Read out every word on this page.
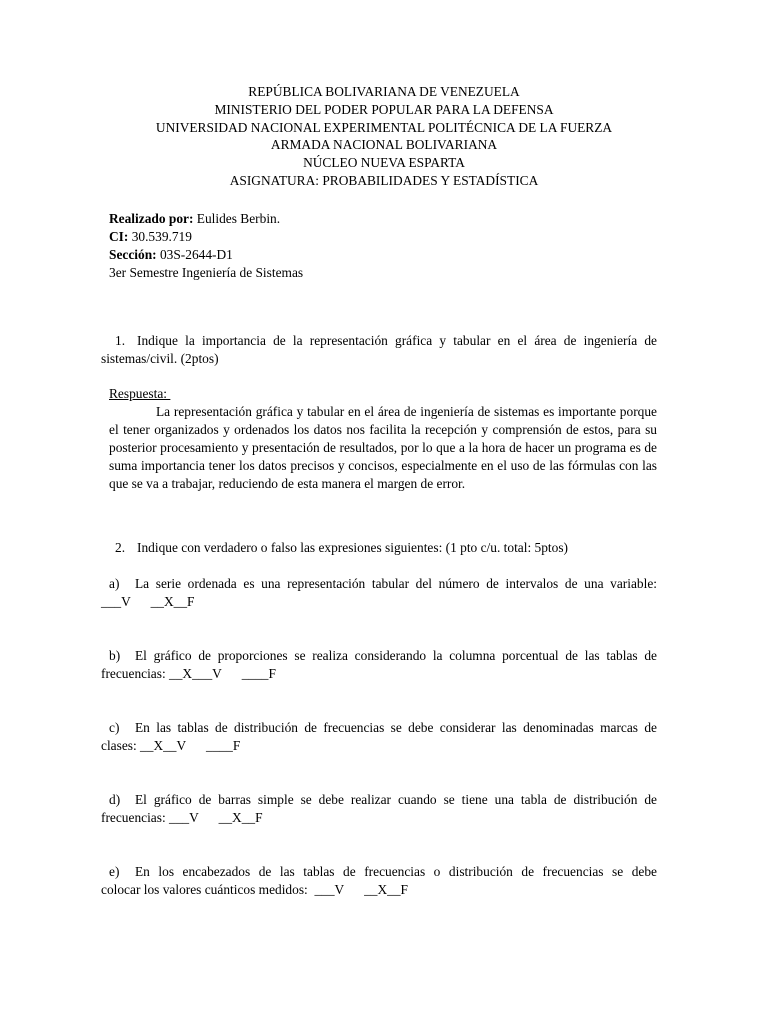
REPÚBLICA BOLIVARIANA DE VENEZUELA
MINISTERIO DEL PODER POPULAR PARA LA DEFENSA
UNIVERSIDAD NACIONAL EXPERIMENTAL POLITÉCNICA DE LA FUERZA
ARMADA NACIONAL BOLIVARIANA
NÚCLEO NUEVA ESPARTA
ASIGNATURA: PROBABILIDADES Y ESTADÍSTICA
Realizado por: Eulides Berbin.
CI: 30.539.719
Sección: 03S-2644-D1
3er Semestre Ingeniería de Sistemas
1. Indique la importancia de la representación gráfica y tabular en el área de ingeniería de
sistemas/civil. (2ptos)
Respuesta:
La representación gráfica y tabular en el área de ingeniería de sistemas es importante porque el tener organizados y ordenados los datos nos facilita la recepción y comprensión de estos, para su posterior procesamiento y presentación de resultados, por lo que a la hora de hacer un programa es de suma importancia tener los datos precisos y concisos, especialmente en el uso de las fórmulas con las que se va a trabajar, reduciendo de esta manera el margen de error.
2. Indique con verdadero o falso las expresiones siguientes: (1 pto c/u. total: 5ptos)
a) La serie ordenada es una representación tabular del número de intervalos de una variable:
___V __X__F
b) El gráfico de proporciones se realiza considerando la columna porcentual de las tablas de
frecuencias: __X___V ____F
c) En las tablas de distribución de frecuencias se debe considerar las denominadas marcas de
clases: __X__V ____F
d) El gráfico de barras simple se debe realizar cuando se tiene una tabla de distribución de
frecuencias: ___V __X__F
e) En los encabezados de las tablas de frecuencias o distribución de frecuencias se debe
colocar los valores cuánticos medidos:  ___V __X__F
